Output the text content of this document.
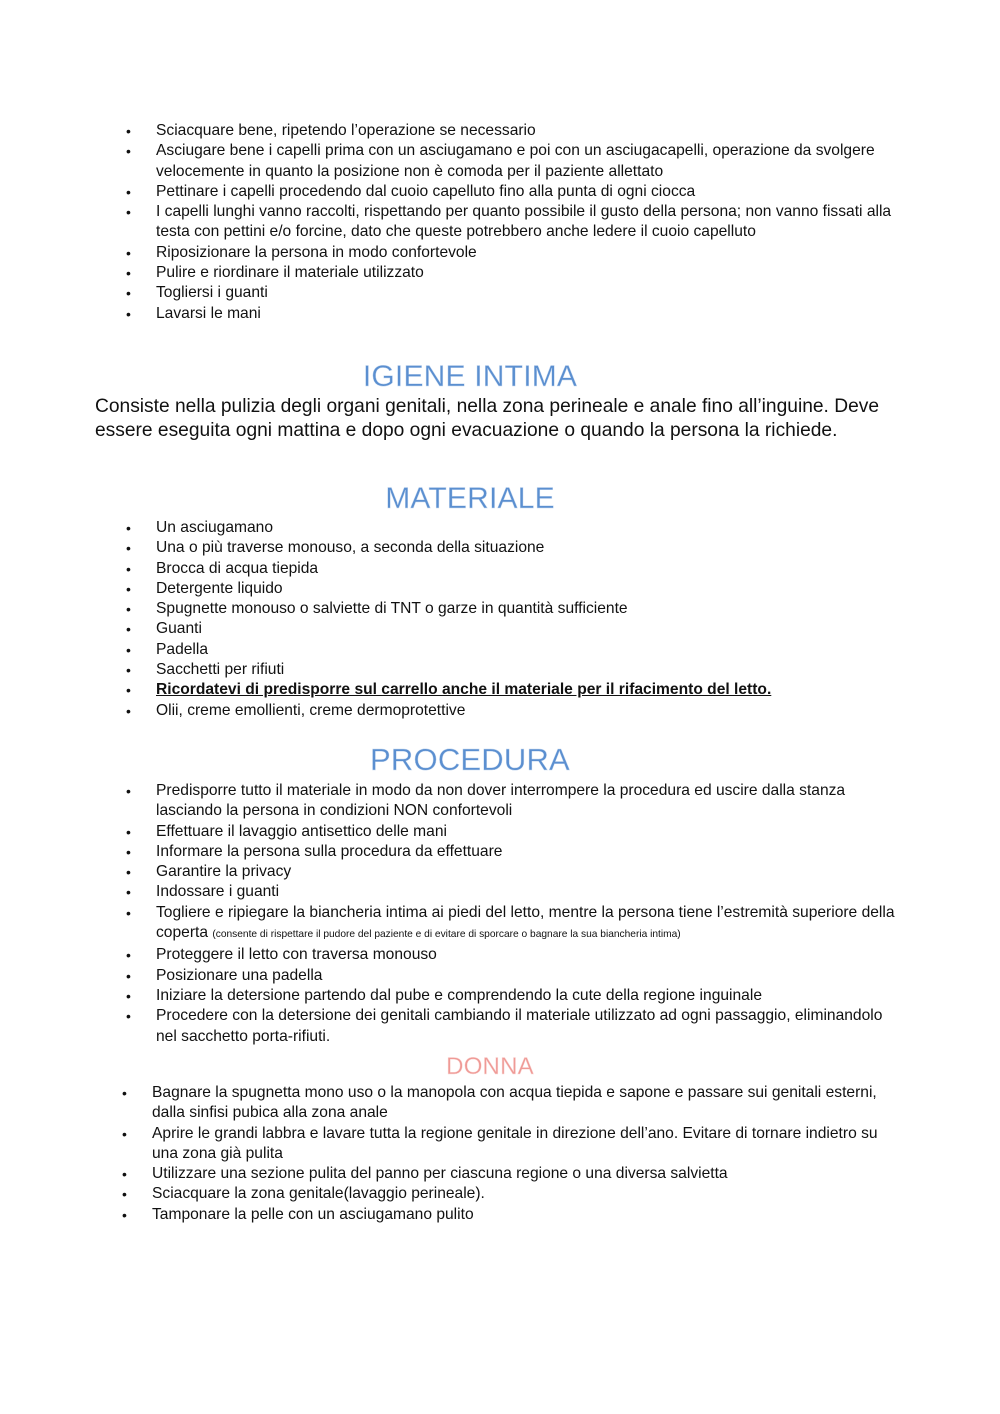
• Sciacquare bene, ripetendo l’operazione se necessario
• Asciugare bene i capelli prima con un asciugamano e poi con un asciugacapelli, operazione da svolgere velocemente in quanto la posizione non è comoda per il paziente allettato
• Pettinare i capelli procedendo dal cuoio capelluto fino alla punta di ogni ciocca
• I capelli lunghi vanno raccolti, rispettando per quanto possibile il gusto della persona; non vanno fissati alla testa con pettini e/o forcine, dato che queste potrebbero anche ledere il cuoio capelluto
• Riposizionare la persona in modo confortevole
• Pulire e riordinare il materiale utilizzato
• Togliersi i guanti
• Lavarsi le mani
IGIENE INTIMA
Consiste nella pulizia degli organi genitali, nella zona perineale e anale fino all’inguine. Deve essere eseguita ogni mattina e dopo ogni evacuazione o quando la persona la richiede.
MATERIALE
• Un asciugamano
• Una o più traverse monouso, a seconda della situazione
• Brocca di acqua tiepida
• Detergente liquido
• Spugnette monouso o salviette di TNT o garze in quantità sufficiente
• Guanti
• Padella
• Sacchetti per rifiuti
• Ricordatevi di predisporre sul carrello anche il materiale per il rifacimento del letto.
• Olii, creme emollienti, creme dermoprotettive
PROCEDURA
• Predisporre tutto il materiale in modo da non dover interrompere la procedura ed uscire dalla stanza lasciando la persona in condizioni NON confortevoli
• Effettuare il lavaggio antisettico delle mani
• Informare la persona sulla procedura da effettuare
• Garantire la privacy
• Indossare i guanti
• Togliere e ripiegare la biancheria intima ai piedi del letto, mentre la persona tiene l’estremità superiore della coperta (consente di rispettare il pudore del paziente e di evitare di sporcare o bagnare la sua biancheria intima)
• Proteggere il letto con traversa monouso
• Posizionare una padella
• Iniziare la detersione partendo dal pube e comprendendo la cute della regione inguinale
• Procedere con la detersione dei genitali cambiando il materiale utilizzato ad ogni passaggio, eliminandolo nel sacchetto porta-rifiuti.
DONNA
• Bagnare la spugnetta mono uso o la manopola con acqua tiepida e sapone e passare sui genitali esterni, dalla sinfisi pubica alla zona anale
• Aprire le grandi labbra e lavare tutta la regione genitale in direzione dell’ano. Evitare di tornare indietro su una zona già pulita
• Utilizzare una sezione pulita del panno per ciascuna regione o una diversa salvietta
• Sciacquare la zona genitale(lavaggio perineale).
• Tamponare la pelle con un asciugamano pulito
